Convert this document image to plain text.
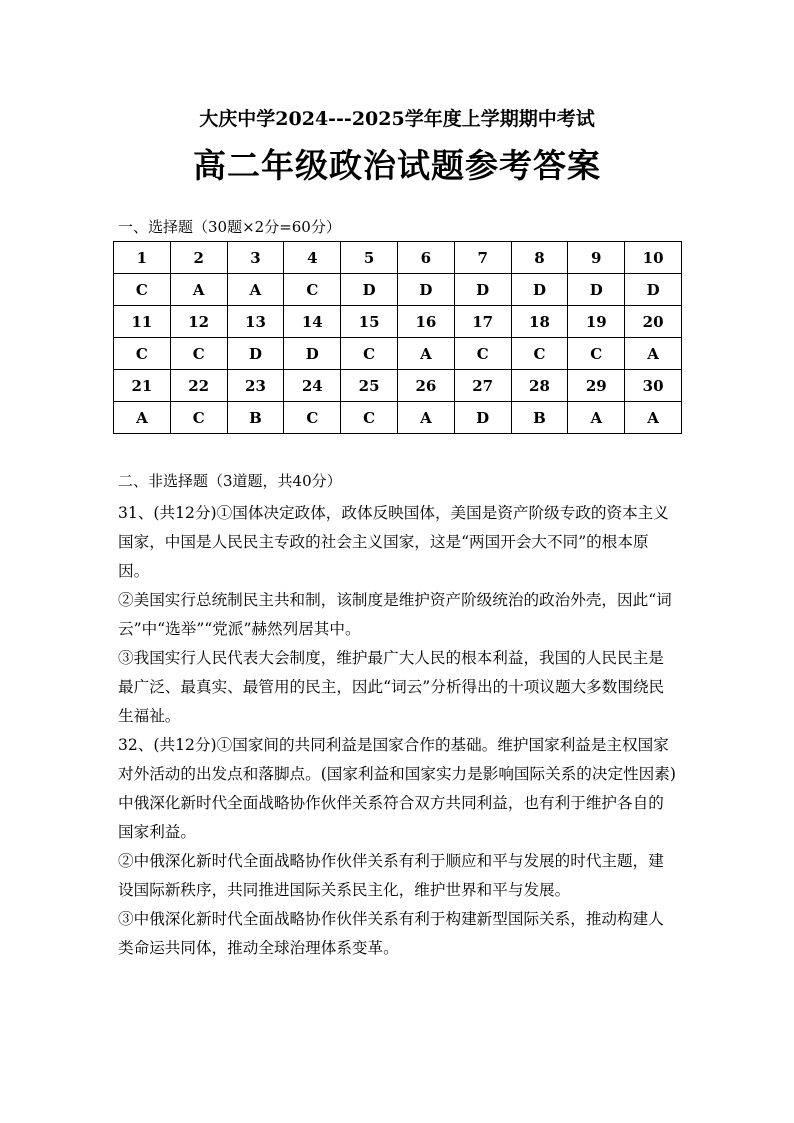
大庆中学2024---2025学年度上学期期中考试
高二年级政治试题参考答案
一、选择题（30题×2分=60分）
1	2	3	4	5	6	7	8	9	10
C	A	A	C	D	D	D	D	D	D
11	12	13	14	15	16	17	18	19	20
C	C	D	D	C	A	C	C	C	A
21	22	23	24	25	26	27	28	29	30
A	C	B	C	C	A	D	B	A	A
二、非选择题（3道题，共40分）

31、(共12分)①国体决定政体，政体反映国体，美国是资产阶级专政的资本主义国家，中国是人民民主专政的社会主义国家，这是“两国开会大不同”的根本原因。

②美国实行总统制民主共和制，该制度是维护资产阶级统治的政治外壳，因此“词云”中“选举”“党派”赫然列居其中。

③我国实行人民代表大会制度，维护最广大人民的根本利益，我国的人民民主是最广泛、最真实、最管用的民主，因此“词云”分析得出的十项议题大多数围绕民生福祉。

32、(共12分)①国家间的共同利益是国家合作的基础。维护国家利益是主权国家对外活动的出发点和落脚点。(国家利益和国家实力是影响国际关系的决定性因素)中俄深化新时代全面战略协作伙伴关系符合双方共同利益，也有利于维护各自的国家利益。

②中俄深化新时代全面战略协作伙伴关系有利于顺应和平与发展的时代主题，建设国际新秩序，共同推进国际关系民主化，维护世界和平与发展。

③中俄深化新时代全面战略协作伙伴关系有利于构建新型国际关系，推动构建人类命运共同体，推动全球治理体系变革。
